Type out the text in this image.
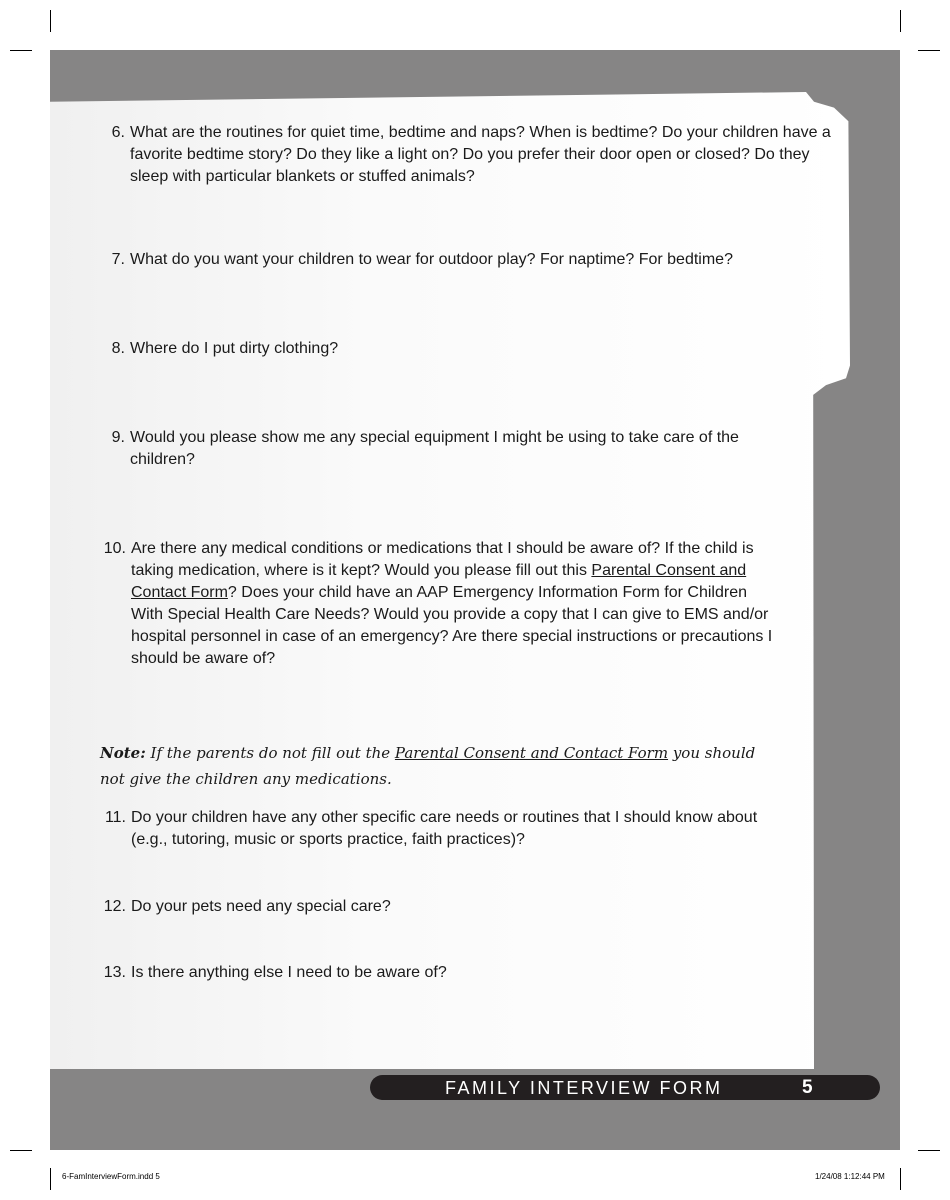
6. What are the routines for quiet time, bedtime and naps? When is bedtime? Do your children have a favorite bedtime story? Do they like a light on? Do you prefer their door open or closed? Do they sleep with particular blankets or stuffed animals?
7. What do you want your children to wear for outdoor play? For naptime? For bedtime?
8. Where do I put dirty clothing?
9. Would you please show me any special equipment I might be using to take care of the children?
10. Are there any medical conditions or medications that I should be aware of? If the child is taking medication, where is it kept? Would you please fill out this Parental Consent and Contact Form? Does your child have an AAP Emergency Information Form for Children With Special Health Care Needs? Would you provide a copy that I can give to EMS and/or hospital personnel in case of an emergency? Are there special instructions or precautions I should be aware of?
Note: If the parents do not fill out the Parental Consent and Contact Form you should not give the children any medications.
11. Do your children have any other specific care needs or routines that I should know about (e.g., tutoring, music or sports practice, faith practices)?
12. Do your pets need any special care?
13. Is there anything else I need to be aware of?
FAMILY INTERVIEW FORM	5
6-FamInterviewForm.indd 5	1/24/08 1:12:44 PM
